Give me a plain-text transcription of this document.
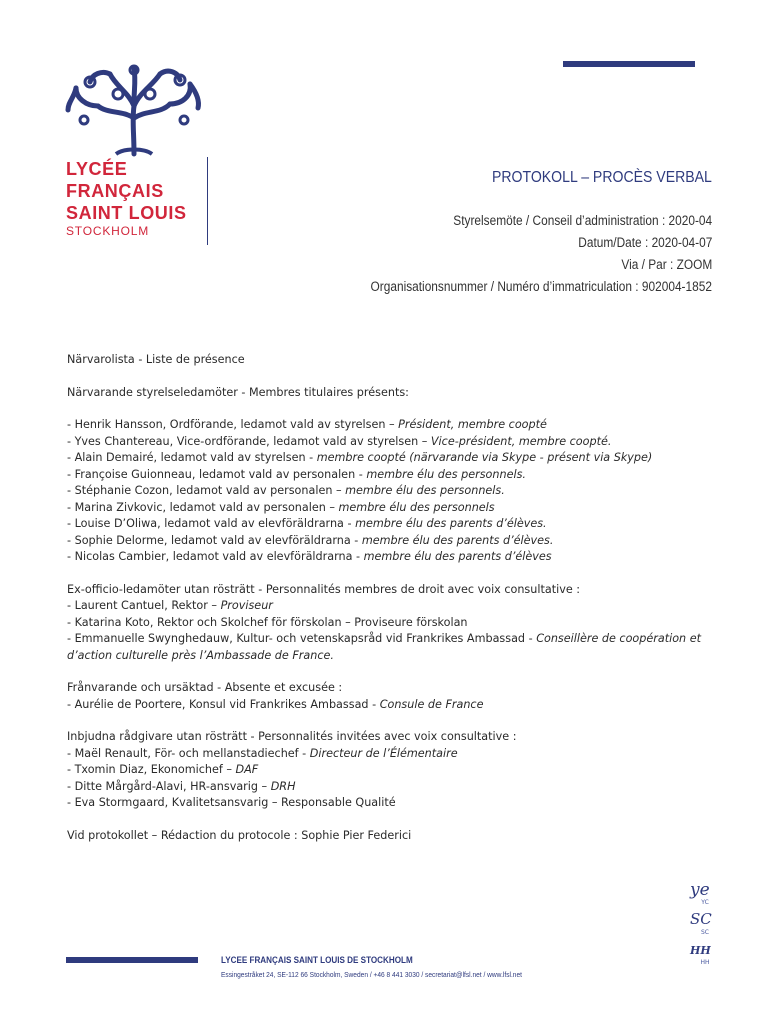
LYCÉE
FRANÇAIS
SAINT LOUIS
STOCKHOLM
PROTOKOLL – PROCÈS VERBAL
Styrelsemöte / Conseil d’administration : 2020-04
Datum/Date : 2020-04-07
Via / Par : ZOOM
Organisationsnummer / Numéro d’immatriculation : 902004-1852

Närvarolista - Liste de présence

Närvarande styrelseledamöter - Membres titulaires présents:

- Henrik Hansson, Ordförande, ledamot vald av styrelsen – Président, membre coopté

- Yves Chantereau, Vice-ordförande, ledamot vald av styrelsen – Vice-président, membre coopté.

- Alain Demairé, ledamot vald av styrelsen - membre coopté (närvarande via Skype - présent via Skype)

- Françoise Guionneau, ledamot vald av personalen - membre élu des personnels.

- Stéphanie Cozon, ledamot vald av personalen – membre élu des personnels.

- Marina Zivkovic, ledamot vald av personalen – membre élu des personnels

- Louise D’Oliwa, ledamot vald av elevföräldrarna - membre élu des parents d’élèves.

- Sophie Delorme, ledamot vald av elevföräldrarna - membre élu des parents d’élèves.

- Nicolas Cambier, ledamot vald av elevföräldrarna - membre élu des parents d’élèves

Ex-officio-ledamöter utan rösträtt - Personnalités membres de droit avec voix consultative :

- Laurent Cantuel, Rektor – Proviseur

- Katarina Koto, Rektor och Skolchef för förskolan – Proviseure förskolan

- Emmanuelle Swynghedauw, Kultur- och vetenskapsråd vid Frankrikes Ambassad - Conseillère de coopération et d’action culturelle près l’Ambassade de France.

Frånvarande och ursäktad - Absente et excusée :

- Aurélie de Poortere, Konsul vid Frankrikes Ambassad - Consule de France

Inbjudna rådgivare utan rösträtt - Personnalités invitées avec voix consultative :

- Maël Renault, För- och mellanstadiechef - Directeur de l’Élémentaire

- Txomin Diaz, Ekonomichef – DAF

- Ditte Mårgård-Alavi, HR-ansvarig – DRH

- Eva Stormgaard, Kvalitetsansvarig – Responsable Qualité

Vid protokollet – Rédaction du protocole : Sophie Pier Federici

ye
YC
SC
SC
HH
HH
LYCEE FRANÇAIS SAINT LOUIS DE STOCKHOLM
Essingestråket 24, SE-112 66 Stockholm, Sweden / +46 8 441 3030 / secretariat@lfsl.net / www.lfsl.net
